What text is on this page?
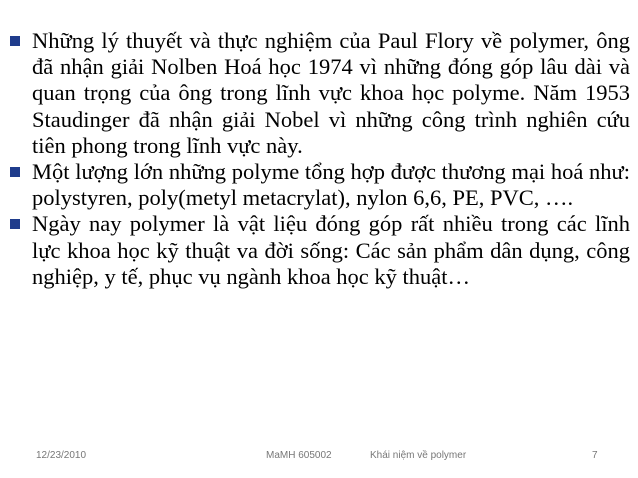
Những lý thuyết và thực nghiệm của Paul Flory về polymer, ông đã nhận giải Nolben Hoá học 1974 vì những đóng góp lâu dài và quan trọng của ông trong lĩnh vực khoa học polyme. Năm 1953 Staudinger đã nhận giải Nobel vì những công trình nghiên cứu tiên phong trong lĩnh vực này.
Một lượng lớn những polyme tổng hợp được thương mại hoá như: polystyren, poly(metyl metacrylat), nylon 6,6, PE, PVC, ….
Ngày nay polymer là vật liệu đóng góp rất nhiều trong các lĩnh lực khoa học kỹ thuật va đời sống: Các sản phẩm dân dụng, công nghiệp, y tế, phục vụ ngành khoa học kỹ thuật…
12/23/2010	MaMH 605002	Khái niệm về polymer	7
